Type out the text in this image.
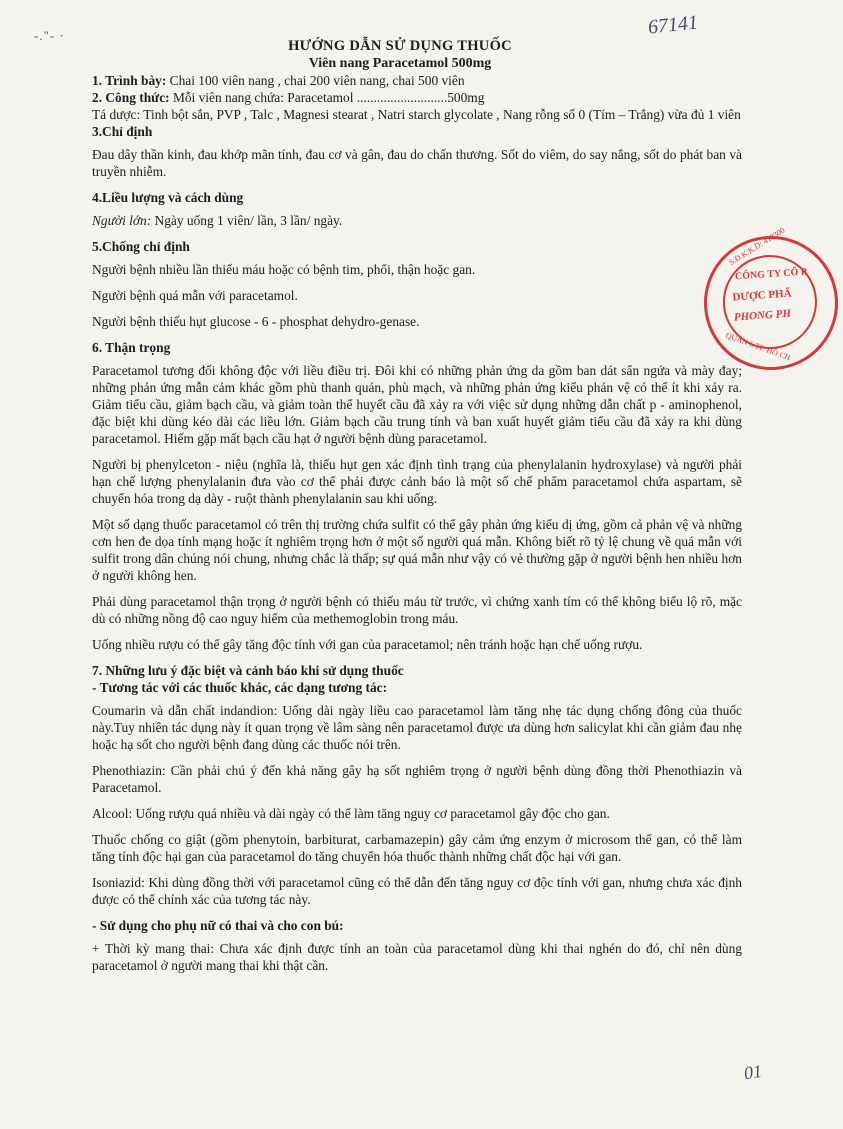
-."- ·	67141
HƯỚNG DẪN SỬ DỤNG THUỐC
Viên nang Paracetamol 500mg
S.Đ.K.K.D: 410300
CÔNG TY CỔ P
DƯỢC PHẨ
PHONG PH
QUẬN 6 TP. HỒ CH

1. Trình bày: Chai 100 viên nang , chai 200 viên nang, chai 500 viên

2. Công thức: Mỗi viên nang chứa: Paracetamol ...........................500mg

Tá dược: Tinh bột sắn, PVP , Talc , Magnesi stearat , Natri starch glycolate , Nang rỗng số 0 (Tím – Trắng) vừa đủ 1 viên

3.Chỉ định

Đau dây thần kinh, đau khớp mãn tính, đau cơ và gân, đau do chấn thương. Sốt do viêm, do say nắng, sốt do phát ban và truyền nhiễm.

4.Liều lượng và cách dùng

Người lớn: Ngày uống 1 viên/ lần, 3 lần/ ngày.

5.Chống chỉ định

Người bệnh nhiều lần thiếu máu hoặc có bệnh tim, phổi, thận hoặc gan.

Người bệnh quá mẫn với paracetamol.

Người bệnh thiếu hụt glucose - 6 - phosphat dehydro-genase.

6. Thận trọng

Paracetamol tương đối không độc với liều điều trị. Đôi khi có những phản ứng da gồm ban dát sẩn ngứa và mày đay; những phản ứng mẫn cảm khác gồm phù thanh quản, phù mạch, và những phản ứng kiểu phản vệ có thể ít khi xảy ra. Giảm tiểu cầu, giảm bạch cầu, và giảm toàn thể huyết cầu đã xảy ra với việc sử dụng những dẫn chất p - aminophenol, đặc biệt khi dùng kéo dài các liều lớn. Giảm bạch cầu trung tính và ban xuất huyết giảm tiểu cầu đã xảy ra khi dùng paracetamol. Hiếm gặp mất bạch cầu hạt ở người bệnh dùng paracetamol.

Người bị phenylceton - niệu (nghĩa là, thiếu hụt gen xác định tình trạng của phenylalanin hydroxylase) và người phải hạn chế lượng phenylalanin đưa vào cơ thể phải được cảnh báo là một số chế phẩm paracetamol chứa aspartam, sẽ chuyển hóa trong dạ dày - ruột thành phenylalanin sau khi uống.

Một số dạng thuốc paracetamol có trên thị trường chứa sulfit có thể gây phản ứng kiểu dị ứng, gồm cả phản vệ và những cơn hen đe dọa tính mạng hoặc ít nghiêm trọng hơn ở một số người quá mẫn. Không biết rõ tỷ lệ chung về quá mẫn với sulfit trong dân chúng nói chung, nhưng chắc là thấp; sự quá mẫn như vậy có vẻ thường gặp ở người bệnh hen nhiều hơn ở người không hen.

Phải dùng paracetamol thận trọng ở người bệnh có thiếu máu từ trước, vì chứng xanh tím có thể không biểu lộ rõ, mặc dù có những nồng độ cao nguy hiểm của methemoglobin trong máu.

Uống nhiều rượu có thể gây tăng độc tính với gan của paracetamol; nên tránh hoặc hạn chế uống rượu.

7. Những lưu ý đặc biệt và cảnh báo khi sử dụng thuốc

- Tương tác với các thuốc khác, các dạng tương tác:

Coumarin và dẫn chất indandion: Uống dài ngày liều cao paracetamol làm tăng nhẹ tác dụng chống đông của thuốc này.Tuy nhiên tác dụng này ít quan trọng về lâm sàng nên paracetamol được ưa dùng hơn salicylat khi cần giảm đau nhẹ hoặc hạ sốt cho người bệnh đang dùng các thuốc nói trên.

Phenothiazin: Cần phải chú ý đến khả năng gây hạ sốt nghiêm trọng ở người bệnh dùng đồng thời Phenothiazin và Paracetamol.

Alcool: Uống rượu quá nhiều và dài ngày có thể làm tăng nguy cơ paracetamol gây độc cho gan.

Thuốc chống co giật (gồm phenytoin, barbiturat, carbamazepin) gây cảm ứng enzym ở microsom thể gan, có thể làm tăng tính độc hại gan của paracetamol do tăng chuyển hóa thuốc thành những chất độc hại với gan.

Isoniazid: Khi dùng đồng thời với paracetamol cũng có thể dẫn đến tăng nguy cơ độc tính với gan, nhưng chưa xác định được có thể chính xác của tương tác này.

- Sử dụng cho phụ nữ có thai và cho con bú:

+ Thời kỳ mang thai: Chưa xác định được tính an toàn của paracetamol dùng khi thai nghén do đó, chỉ nên dùng paracetamol ở người mang thai khi thật cần.

01
